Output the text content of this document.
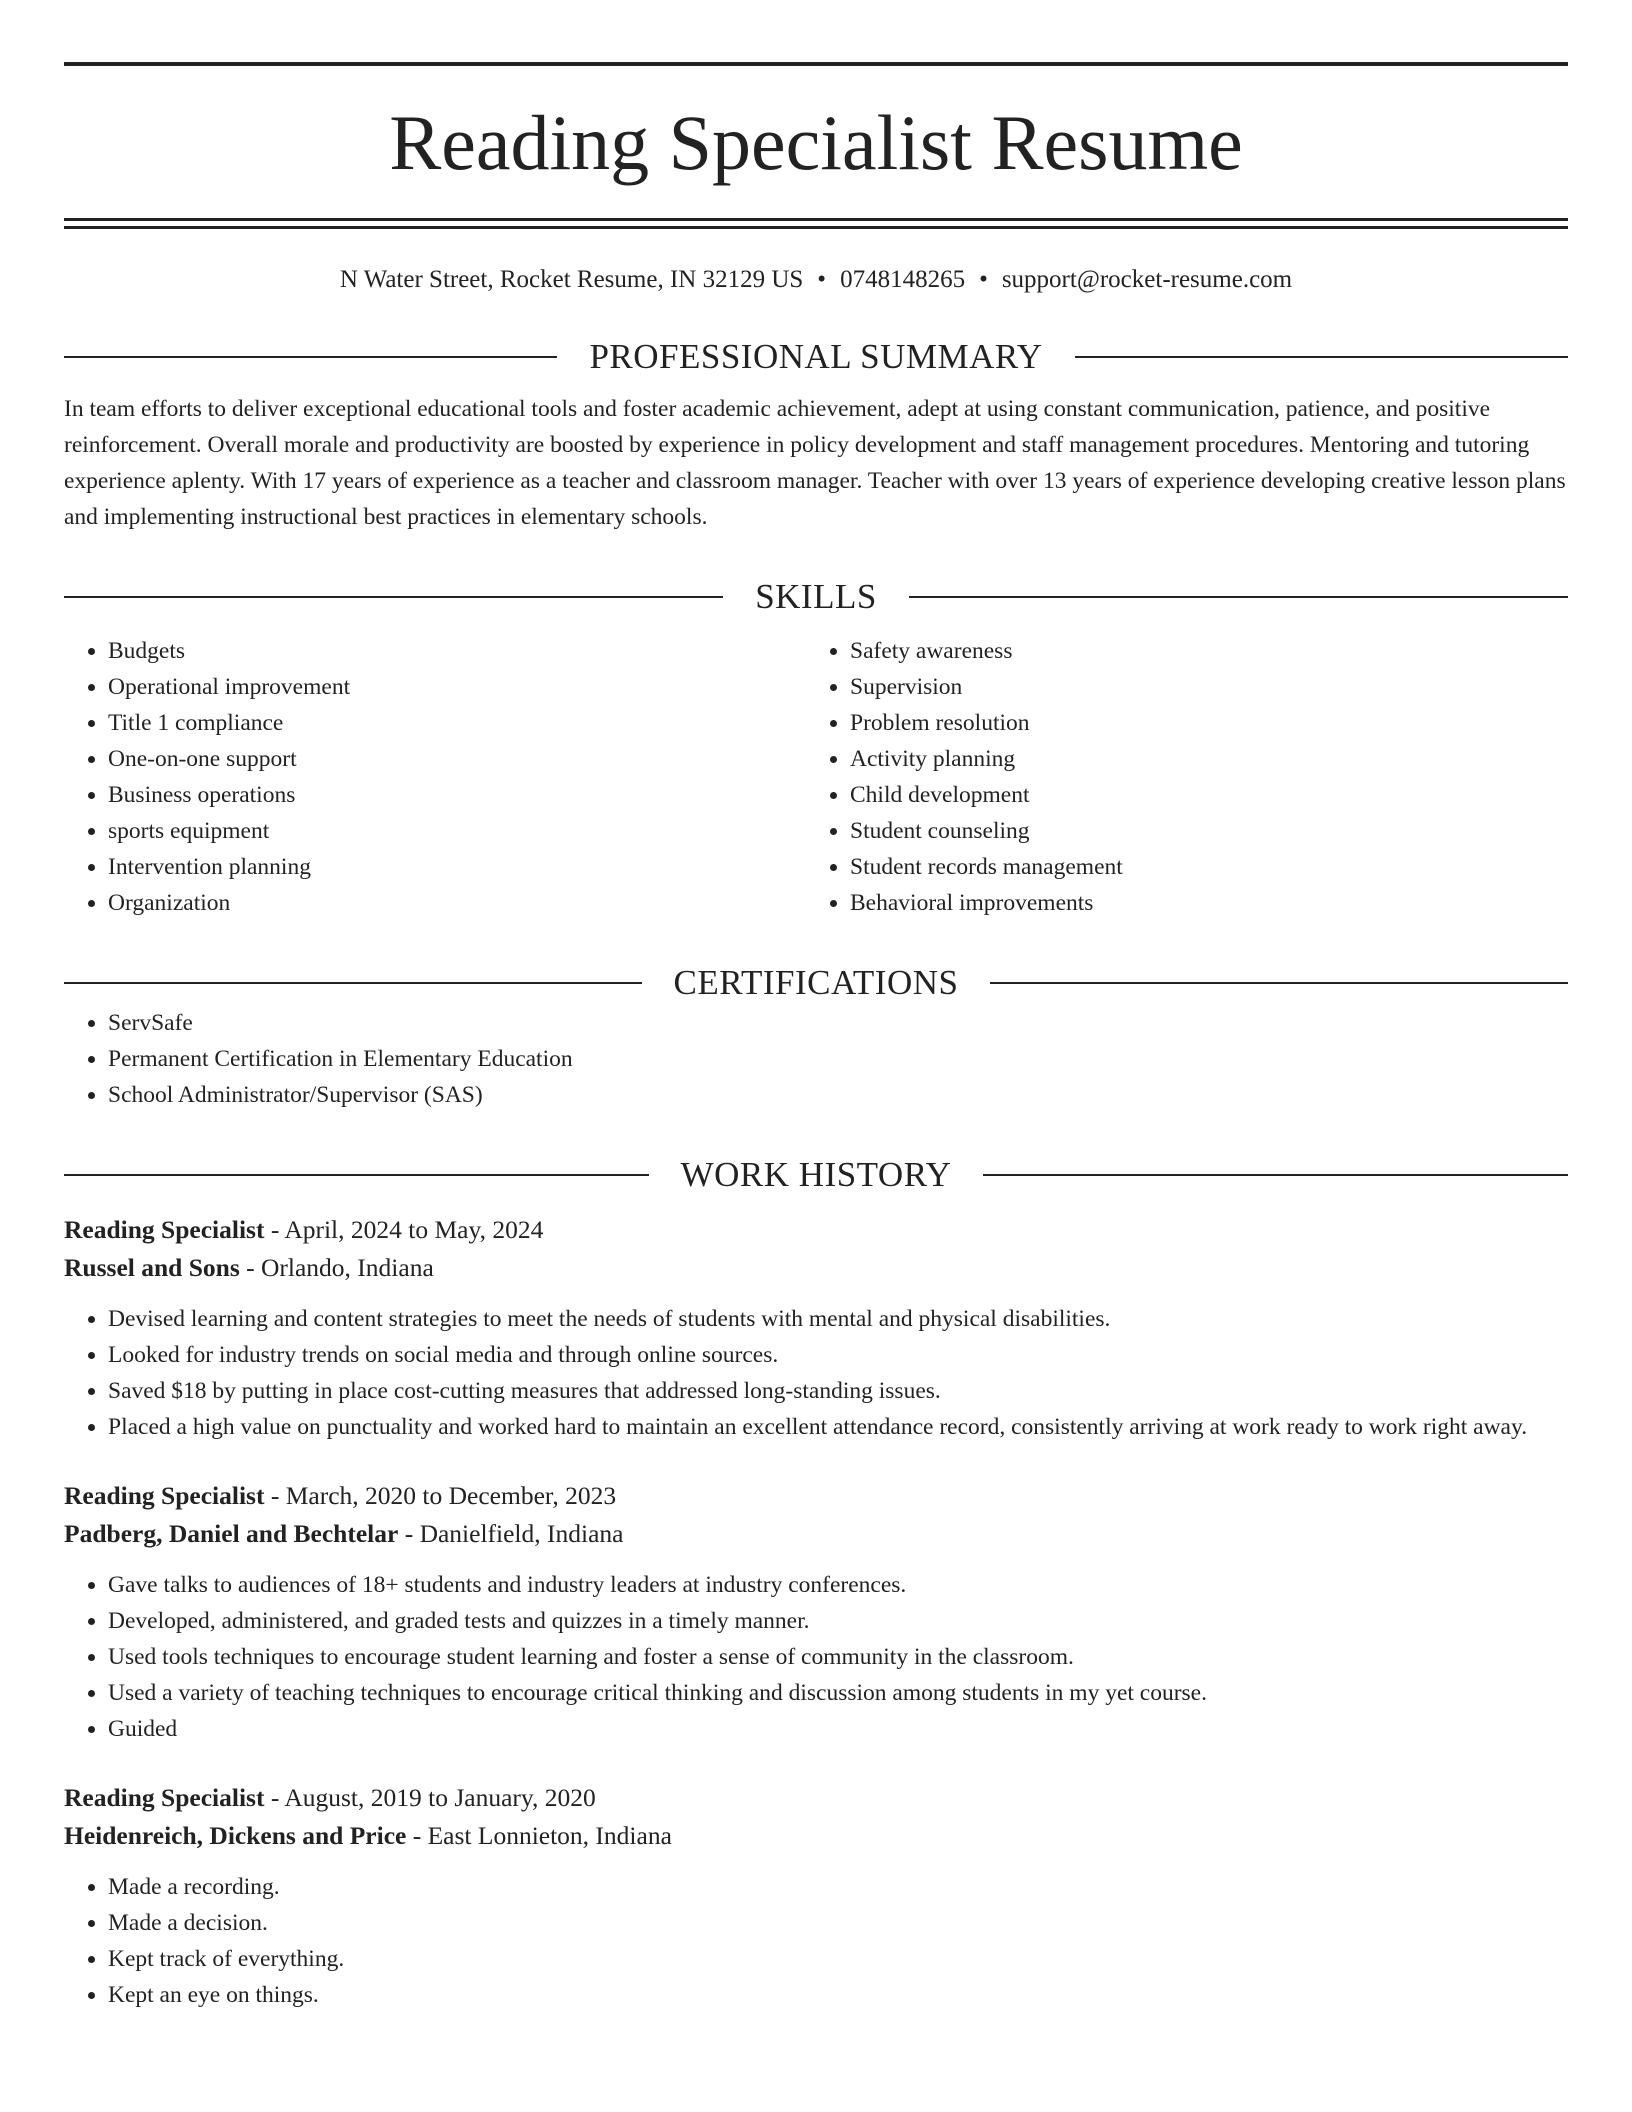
Reading Specialist Resume
N Water Street, Rocket Resume, IN 32129 US • 0748148265 • support@rocket-resume.com
PROFESSIONAL SUMMARY
In team efforts to deliver exceptional educational tools and foster academic achievement, adept at using constant communication, patience, and positive reinforcement. Overall morale and productivity are boosted by experience in policy development and staff management procedures. Mentoring and tutoring experience aplenty. With 17 years of experience as a teacher and classroom manager. Teacher with over 13 years of experience developing creative lesson plans and implementing instructional best practices in elementary schools.
SKILLS
• Budgets
• Operational improvement
• Title 1 compliance
• One-on-one support
• Business operations
• sports equipment
• Intervention planning
• Organization
• Safety awareness
• Supervision
• Problem resolution
• Activity planning
• Child development
• Student counseling
• Student records management
• Behavioral improvements
CERTIFICATIONS
• ServSafe
• Permanent Certification in Elementary Education
• School Administrator/Supervisor (SAS)
WORK HISTORY
Reading Specialist - April, 2024 to May, 2024
Russel and Sons - Orlando, Indiana
• Devised learning and content strategies to meet the needs of students with mental and physical disabilities.
• Looked for industry trends on social media and through online sources.
• Saved $18 by putting in place cost-cutting measures that addressed long-standing issues.
• Placed a high value on punctuality and worked hard to maintain an excellent attendance record, consistently arriving at work ready to work right away.
Reading Specialist - March, 2020 to December, 2023
Padberg, Daniel and Bechtelar - Danielfield, Indiana
• Gave talks to audiences of 18+ students and industry leaders at industry conferences.
• Developed, administered, and graded tests and quizzes in a timely manner.
• Used tools techniques to encourage student learning and foster a sense of community in the classroom.
• Used a variety of teaching techniques to encourage critical thinking and discussion among students in my yet course.
• Guided
Reading Specialist - August, 2019 to January, 2020
Heidenreich, Dickens and Price - East Lonnieton, Indiana
• Made a recording.
• Made a decision.
• Kept track of everything.
• Kept an eye on things.
